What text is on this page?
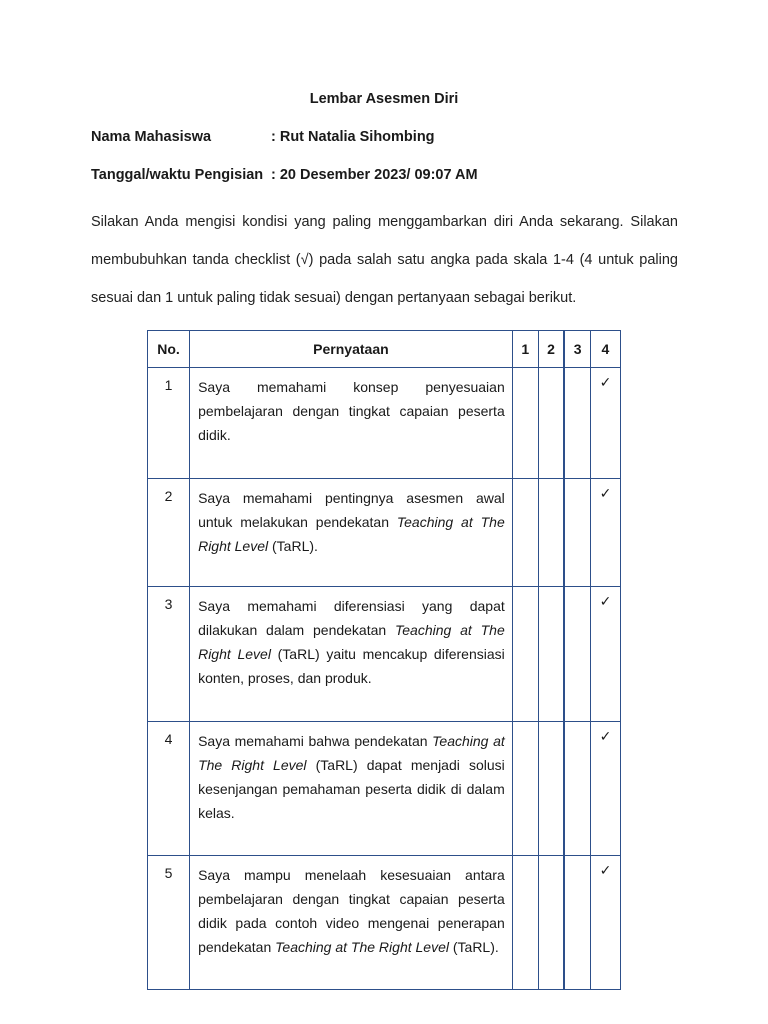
Lembar Asesmen Diri
Nama Mahasiswa	: Rut Natalia Sihombing
Tanggal/waktu Pengisian : 20 Desember 2023/ 09:07 AM
Silakan Anda mengisi kondisi yang paling menggambarkan diri Anda sekarang. Silakan membubuhkan tanda checklist (√) pada salah satu angka pada skala 1-4 (4 untuk paling sesuai dan 1 untuk paling tidak sesuai) dengan pertanyaan sebagai berikut.
No.	Pernyataan	1	2	3	4
1	Saya memahami konsep penyesuaian pembelajaran dengan tingkat capaian peserta didik.				✓
2	Saya memahami pentingnya asesmen awal untuk melakukan pendekatan Teaching at The Right Level (TaRL).				✓
3	Saya memahami diferensiasi yang dapat dilakukan dalam pendekatan Teaching at The Right Level (TaRL) yaitu mencakup diferensiasi konten, proses, dan produk.				✓
4	Saya memahami bahwa pendekatan Teaching at The Right Level (TaRL) dapat menjadi solusi kesenjangan pemahaman peserta didik di dalam kelas.				✓
5	Saya mampu menelaah kesesuaian antara pembelajaran dengan tingkat capaian peserta didik pada contoh video mengenai penerapan pendekatan Teaching at The Right Level (TaRL).				✓
